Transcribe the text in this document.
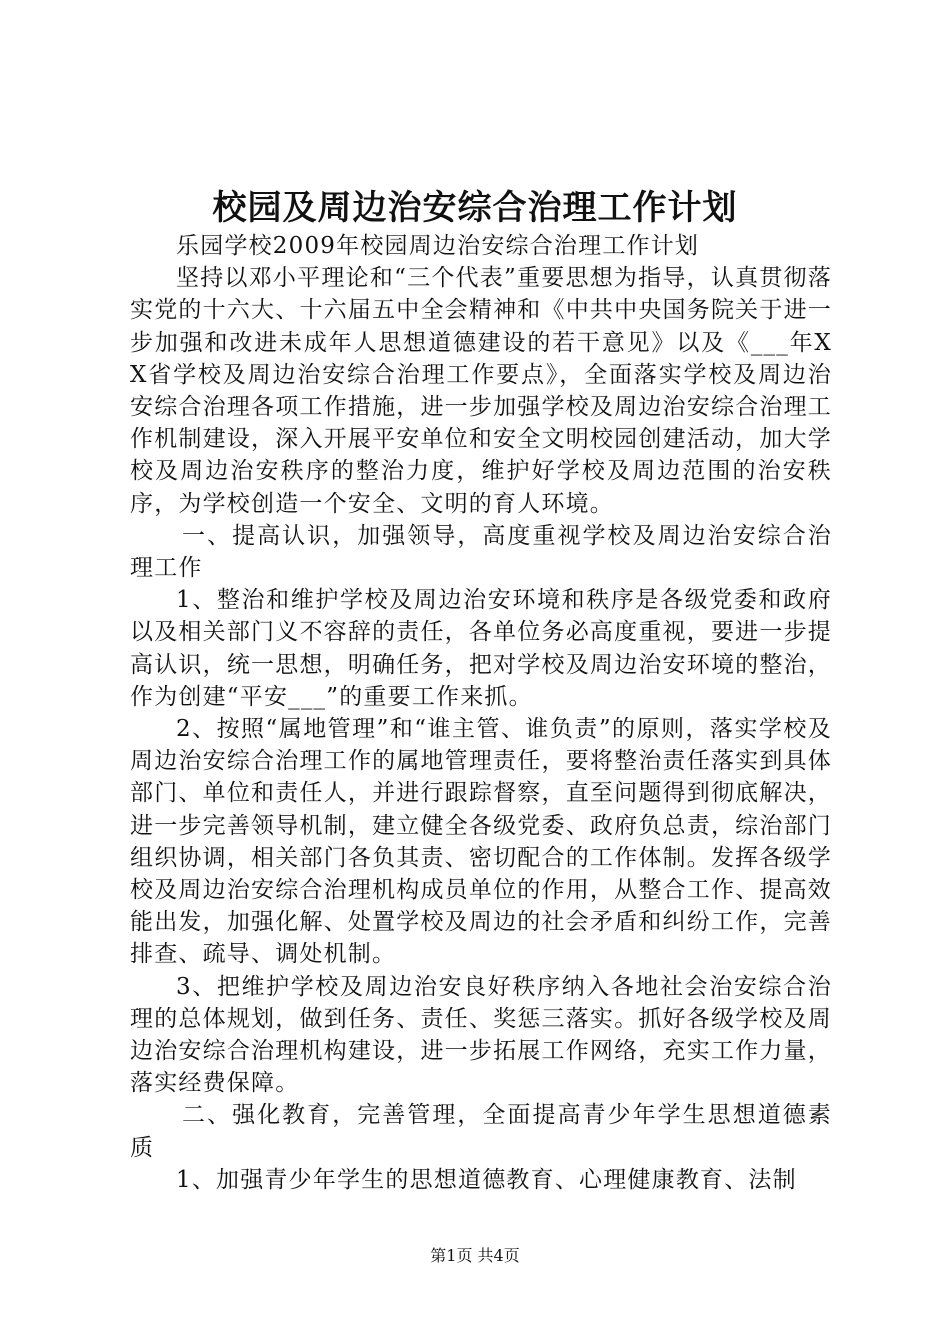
校园及周边治安综合治理工作计划

乐园学校2009年校园周边治安综合治理工作计划

坚持以邓小平理论和“三个代表”重要思想为指导，认真贯彻落实党的十六大、十六届五中全会精神和《中共中央国务院关于进一步加强和改进未成年人思想道德建设的若干意见》以及《___年XX省学校及周边治安综合治理工作要点》，全面落实学校及周边治安综合治理各项工作措施，进一步加强学校及周边治安综合治理工作机制建设，深入开展平安单位和安全文明校园创建活动，加大学校及周边治安秩序的整治力度，维护好学校及周边范围的治安秩序，为学校创造一个安全、文明的育人环境。

一、提高认识，加强领导，高度重视学校及周边治安综合治理工作

1、整治和维护学校及周边治安环境和秩序是各级党委和政府以及相关部门义不容辞的责任，各单位务必高度重视，要进一步提高认识，统一思想，明确任务，把对学校及周边治安环境的整治，作为创建“平安___”的重要工作来抓。

2、按照“属地管理”和“谁主管、谁负责”的原则，落实学校及周边治安综合治理工作的属地管理责任，要将整治责任落实到具体部门、单位和责任人，并进行跟踪督察，直至问题得到彻底解决，进一步完善领导机制，建立健全各级党委、政府负总责，综治部门组织协调，相关部门各负其责、密切配合的工作体制。发挥各级学校及周边治安综合治理机构成员单位的作用，从整合工作、提高效能出发，加强化解、处置学校及周边的社会矛盾和纠纷工作，完善排查、疏导、调处机制。

3、把维护学校及周边治安良好秩序纳入各地社会治安综合治理的总体规划，做到任务、责任、奖惩三落实。抓好各级学校及周边治安综合治理机构建设，进一步拓展工作网络，充实工作力量，落实经费保障。

二、强化教育，完善管理，全面提高青少年学生思想道德素质

1、加强青少年学生的思想道德教育、心理健康教育、法制

第1页 共4页
